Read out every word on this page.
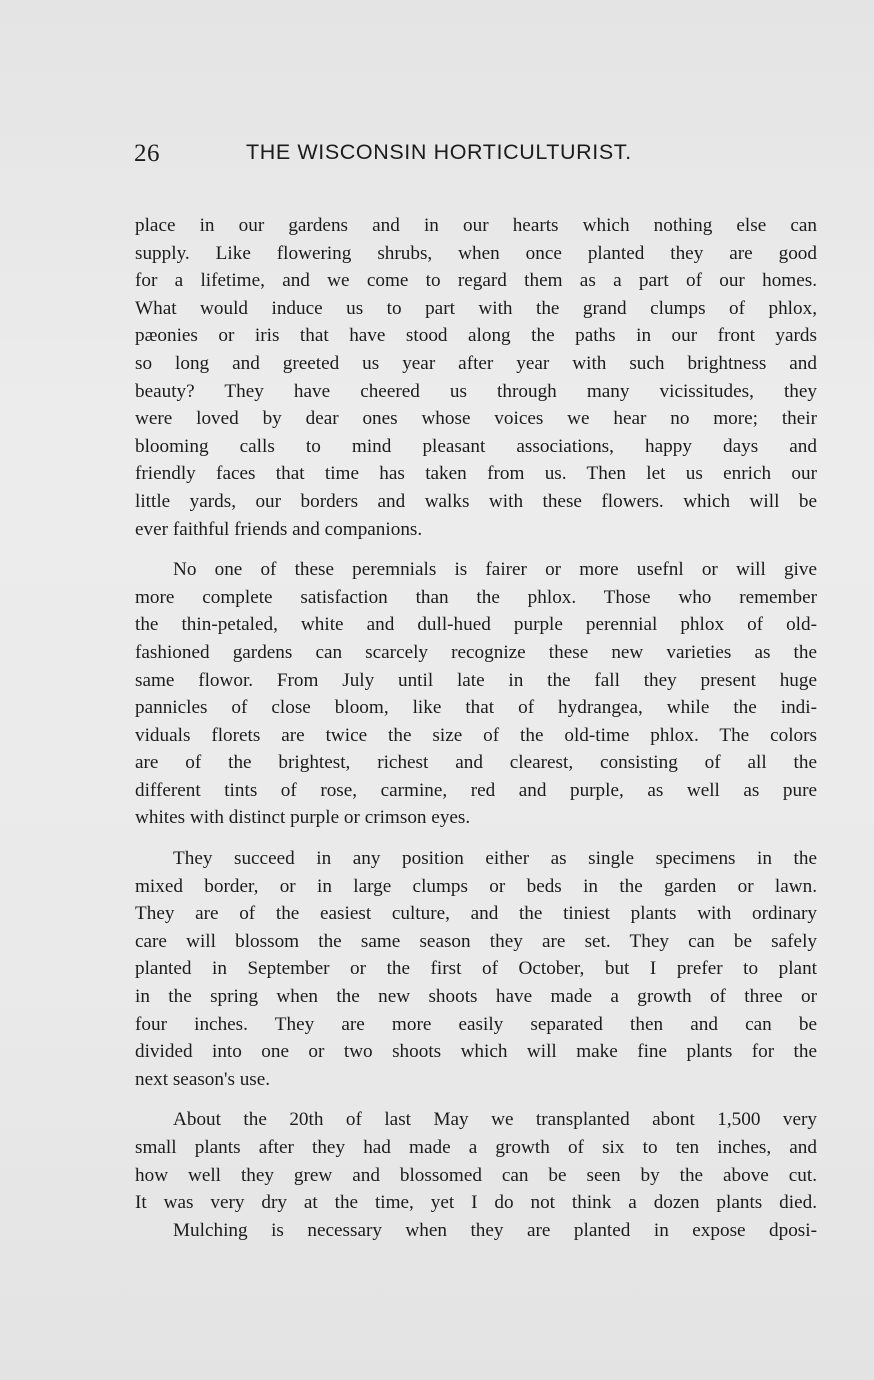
26	THE WISCONSIN HORTICULTURIST.

place in our gardens and in our hearts which nothing else can
supply. Like flowering shrubs, when once planted they are good
for a lifetime, and we come to regard them as a part of our homes.
What would induce us to part with the grand clumps of phlox,
pæonies or iris that have stood along the paths in our front yards
so long and greeted us year after year with such brightness and
beauty? They have cheered us through many vicissitudes, they
were loved by dear ones whose voices we hear no more; their
blooming calls to mind pleasant associations, happy days and
friendly faces that time has taken from us. Then let us enrich our
little yards, our borders and walks with these flowers. which will be
ever faithful friends and companions.

No one of these peremnials is fairer or more usefnl or will give
more complete satisfaction than the phlox. Those who remember
the thin-petaled, white and dull-hued purple perennial phlox of old-
fashioned gardens can scarcely recognize these new varieties as the
same flowor. From July until late in the fall they present huge
pannicles of close bloom, like that of hydrangea, while the indi-
viduals florets are twice the size of the old-time phlox. The colors
are of the brightest, richest and clearest, consisting of all the
different tints of rose, carmine, red and purple, as well as pure
whites with distinct purple or crimson eyes.

They succeed in any position either as single specimens in the
mixed border, or in large clumps or beds in the garden or lawn.
They are of the easiest culture, and the tiniest plants with ordinary
care will blossom the same season they are set. They can be safely
planted in September or the first of October, but I prefer to plant
in the spring when the new shoots have made a growth of three or
four inches. They are more easily separated then and can be
divided into one or two shoots which will make fine plants for the
next season's use.

About the 20th of last May we transplanted abont 1,500 very
small plants after they had made a growth of six to ten inches, and
how well they grew and blossomed can be seen by the above cut.
It was very dry at the time, yet I do not think a dozen plants died.
Mulching is necessary when they are planted in expose dposi-
